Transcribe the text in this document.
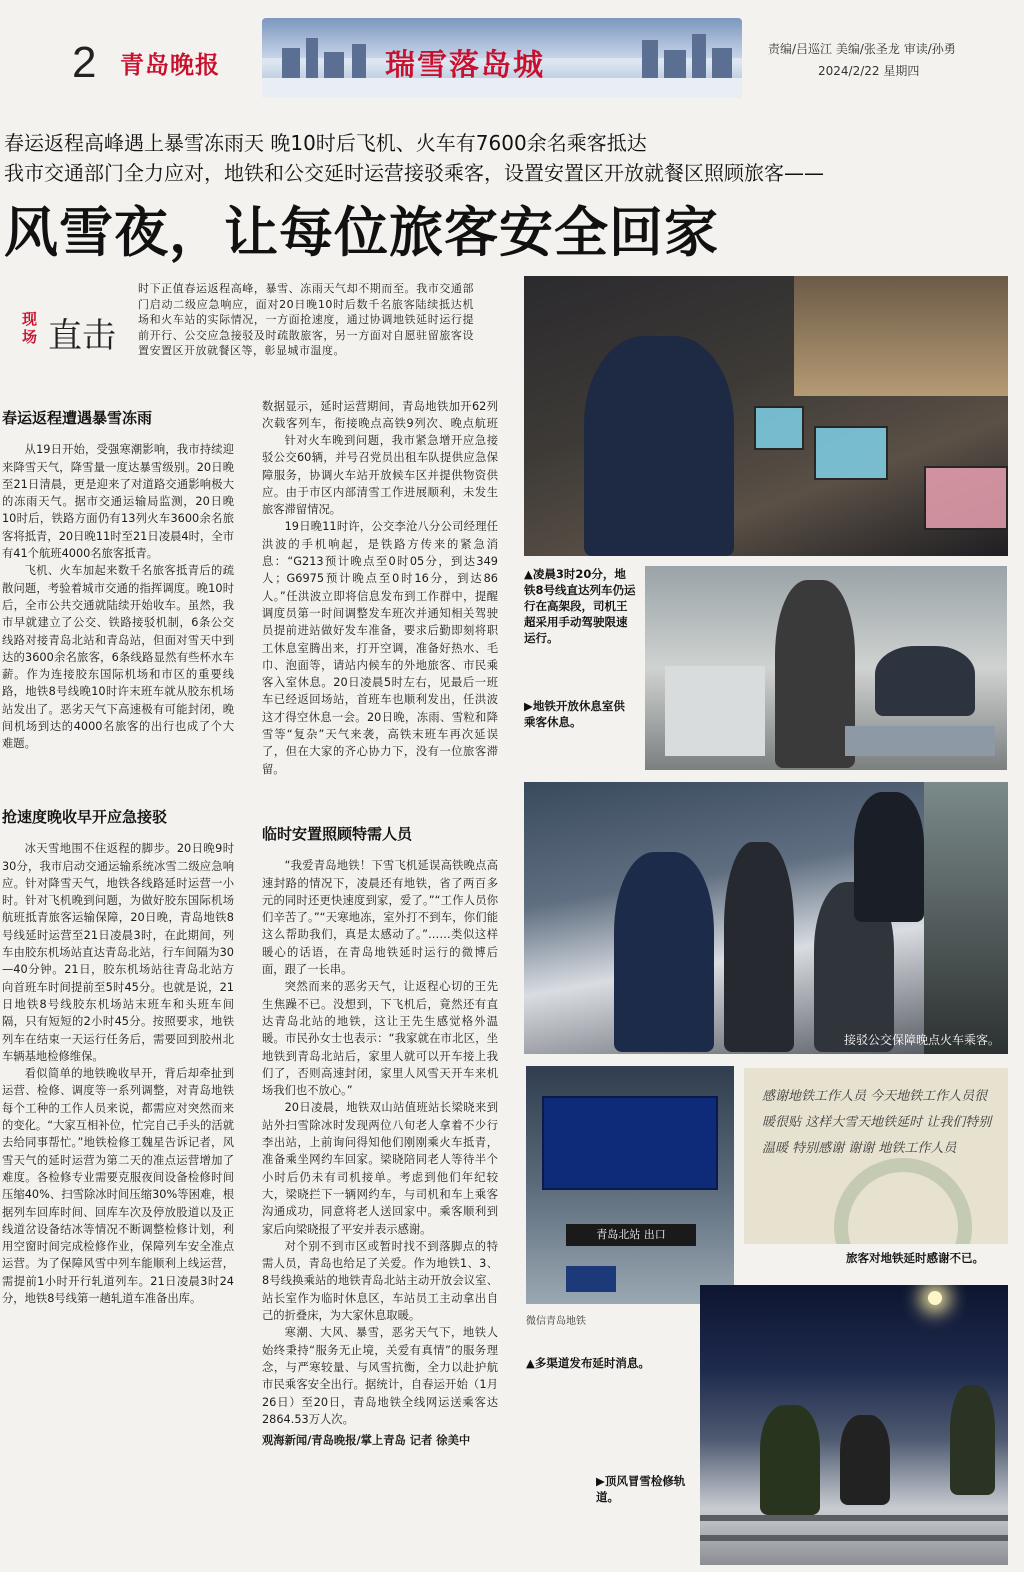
2 青岛晚报	瑞雪落岛城	责编/吕巡江 美编/张圣龙 审读/孙勇
2024/2/22 星期四
春运返程高峰遇上暴雪冻雨天 晚10时后飞机、火车有7600余名乘客抵达
我市交通部门全力应对，地铁和公交延时运营接驳乘客，设置安置区开放就餐区照顾旅客——
风雪夜，让每位旅客安全回家
现场 直击
时下正值春运返程高峰，暴雪、冻雨天气却不期而至。我市交通部门启动二级应急响应，面对20日晚10时后数千名旅客陆续抵达机场和火车站的实际情况，一方面抢速度，通过协调地铁延时运行提前开行、公交应急接驳及时疏散旅客，另一方面对自愿驻留旅客设置安置区开放就餐区等，彰显城市温度。
春运返程遭遇暴雪冻雨

从19日开始，受强寒潮影响，我市持续迎来降雪天气，降雪量一度达暴雪级别。20日晚至21日清晨，更是迎来了对道路交通影响极大的冻雨天气。据市交通运输局监测，20日晚10时后，铁路方面仍有13列火车3600余名旅客将抵青，20日晚11时至21日凌晨4时，全市有41个航班4000名旅客抵青。

飞机、火车加起来数千名旅客抵青后的疏散问题，考验着城市交通的指挥调度。晚10时后，全市公共交通就陆续开始收车。虽然，我市早就建立了公交、铁路接驳机制，6条公交线路对接青岛北站和青岛站，但面对雪天中到达的3600余名旅客，6条线路显然有些杯水车薪。作为连接胶东国际机场和市区的重要线路，地铁8号线晚10时许末班车就从胶东机场站发出了。恶劣天气下高速极有可能封闭，晚间机场到达的4000名旅客的出行也成了个大难题。

抢速度晚收早开应急接驳

冰天雪地围不住返程的脚步。20日晚9时30分，我市启动交通运输系统冰雪二级应急响应。针对降雪天气，地铁各线路延时运营一小时。针对飞机晚到问题，为做好胶东国际机场航班抵青旅客运输保障，20日晚，青岛地铁8号线延时运营至21日凌晨3时，在此期间，列车由胶东机场站直达青岛北站，行车间隔为30—40分钟。21日，胶东机场站往青岛北站方向首班车时间提前至5时45分。也就是说，21日地铁8号线胶东机场站末班车和头班车间隔，只有短短的2小时45分。按照要求，地铁列车在结束一天运行任务后，需要回到胶州北车辆基地检修维保。

看似简单的地铁晚收早开，背后却牵扯到运营、检修、调度等一系列调整，对青岛地铁每个工种的工作人员来说，都需应对突然而来的变化。“大家互相补位，忙完自己手头的活就去给同事帮忙。”地铁检修工魏星告诉记者，风雪天气的延时运营为第二天的准点运营增加了难度。各检修专业需要克服夜间设备检修时间压缩40%、扫雪除冰时间压缩30%等困难，根据列车回库时间、回库车次及停放股道以及正线道岔设备结冰等情况不断调整检修计划，利用空窗时间完成检修作业，保障列车安全准点运营。为了保障风雪中列车能顺利上线运营，需提前1小时开行轧道列车。21日凌晨3时24分，地铁8号线第一趟轧道车准备出库。

数据显示，延时运营期间，青岛地铁加开62列次载客列车，衔接晚点高铁9列次、晚点航班

针对火车晚到问题，我市紧急增开应急接驳公交60辆，并号召党员出租车队提供应急保障服务，协调火车站开放候车区并提供物资供应。由于市区内部清雪工作进展顺利，未发生旅客滞留情况。

19日晚11时许，公交李沧八分公司经理任洪波的手机响起，是铁路方传来的紧急消息：“G213预计晚点至0时05分，到达349人；G6975预计晚点至0时16分，到达86人。”任洪波立即将信息发布到工作群中，提醒调度员第一时间调整发车班次并通知相关驾驶员提前进站做好发车准备，要求后勤即刻将职工休息室腾出来，打开空调，准备好热水、毛巾、泡面等，请站内候车的外地旅客、市民乘客入室休息。20日凌晨5时左右，见最后一班车已经返回场站，首班车也顺利发出，任洪波这才得空休息一会。20日晚，冻雨、雪粒和降雪等“复杂”天气来袭，高铁末班车再次延误了，但在大家的齐心协力下，没有一位旅客滞留。

临时安置照顾特需人员

“我爱青岛地铁！下雪飞机延误高铁晚点高速封路的情况下，凌晨还有地铁，省了两百多元的同时还更快速度到家，爱了。”“工作人员你们辛苦了。”“天寒地冻，室外打不到车，你们能这么帮助我们，真是太感动了。”……类似这样暖心的话语，在青岛地铁延时运行的微博后面，跟了一长串。

突然而来的恶劣天气，让返程心切的王先生焦躁不已。没想到，下飞机后，竟然还有直达青岛北站的地铁，这让王先生感觉格外温暖。市民孙女士也表示：“我家就在市北区，坐地铁到青岛北站后，家里人就可以开车接上我们了，否则高速封闭，家里人风雪天开车来机场我们也不放心。”

20日凌晨，地铁双山站值班站长梁晓来到站外扫雪除冰时发现两位八旬老人拿着不少行李出站，上前询问得知他们刚刚乘火车抵青，准备乘坐网约车回家。梁晓陪同老人等待半个小时后仍未有司机接单。考虑到他们年纪较大，梁晓拦下一辆网约车，与司机和车上乘客沟通成功，同意将老人送回家中。乘客顺利到家后向梁晓报了平安并表示感谢。

对个别不到市区或暂时找不到落脚点的特需人员，青岛也给足了关爱。作为地铁1、3、8号线换乘站的地铁青岛北站主动开放会议室、站长室作为临时休息区，车站员工主动拿出自己的折叠床，为大家休息取暖。

寒潮、大风、暴雪，恶劣天气下，地铁人始终秉持“服务无止境，关爱有真情”的服务理念，与严寒较量、与风雪抗衡，全力以赴护航市民乘客安全出行。据统计，自春运开始（1月26日）至20日，青岛地铁全线网运送乘客达2864.53万人次。

观海新闻/青岛晚报/掌上青岛 记者 徐美中
▲凌晨3时20分，地铁8号线直达列车仍运行在高架段，司机王超采用手动驾驶限速运行。
▶地铁开放休息室供乘客休息。
接驳公交保障晚点火车乘客。
青岛北站 出口
微信青岛地铁
▲多渠道发布延时消息。
感谢地铁工作人员 今天地铁工作人员很暖很贴 这样大雪天地铁延时 让我们特别温暖 特别感谢 谢谢 地铁工作人员
旅客对地铁延时感谢不已。
▶顶风冒雪检修轨道。
